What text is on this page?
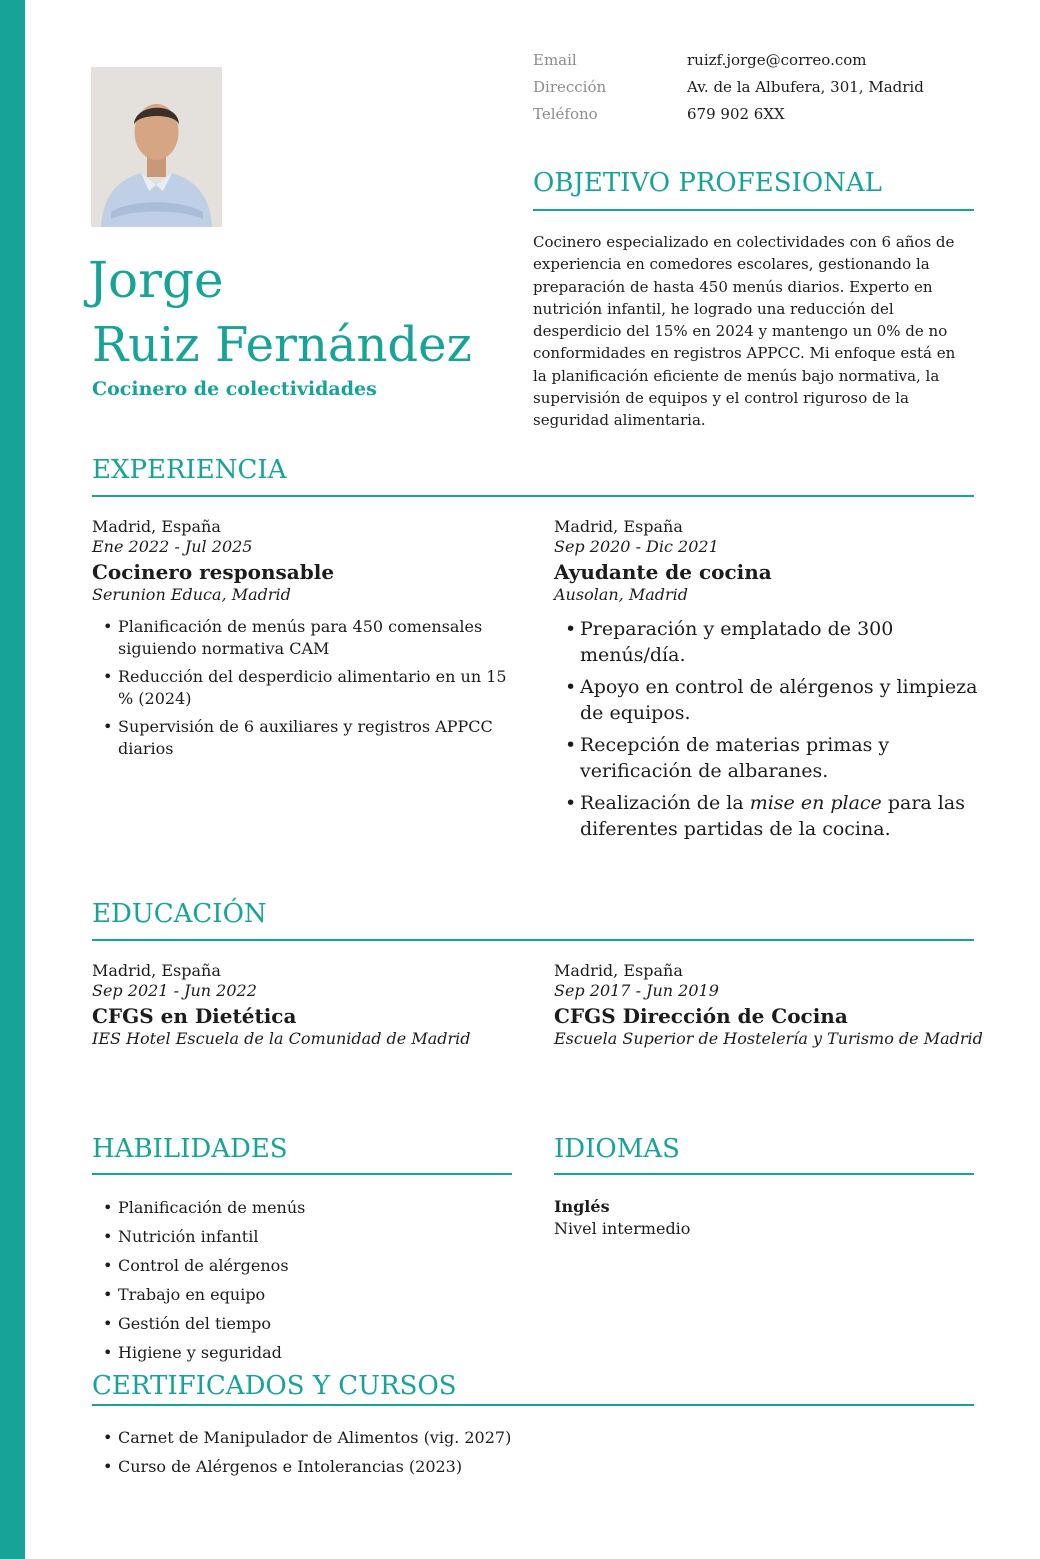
Jorge
Ruiz Fernández
Cocinero de colectividades
Email	ruizf.jorge@correo.com
Dirección	Av. de la Albufera, 301, Madrid
Teléfono	679 902 6XX
OBJETIVO PROFESIONAL
Cocinero especializado en colectividades con 6 años de experiencia en comedores escolares, gestionando la preparación de hasta 450 menús diarios. Experto en nutrición infantil, he logrado una reducción del desperdicio del 15% en 2024 y mantengo un 0% de no conformidades en registros APPCC. Mi enfoque está en la planificación eficiente de menús bajo normativa, la supervisión de equipos y el control riguroso de la seguridad alimentaria.
EXPERIENCIA
Madrid, España
Ene 2022 - Jul 2025
Cocinero responsable
Serunion Educa, Madrid
• Planificación de menús para 450 comensales siguiendo normativa CAM
• Reducción del desperdicio alimentario en un 15 % (2024)
• Supervisión de 6 auxiliares y registros APPCC diarios
Madrid, España
Sep 2020 - Dic 2021
Ayudante de cocina
Ausolan, Madrid
• Preparación y emplatado de 300 menús/día.
• Apoyo en control de alérgenos y limpieza de equipos.
• Recepción de materias primas y verificación de albaranes.
• Realización de la mise en place para las diferentes partidas de la cocina.
EDUCACIÓN
Madrid, España
Sep 2021 - Jun 2022
CFGS en Dietética
IES Hotel Escuela de la Comunidad de Madrid
Madrid, España
Sep 2017 - Jun 2019
CFGS Dirección de Cocina
Escuela Superior de Hostelería y Turismo de Madrid
HABILIDADES
• Planificación de menús
• Nutrición infantil
• Control de alérgenos
• Trabajo en equipo
• Gestión del tiempo
• Higiene y seguridad
IDIOMAS
Inglés
Nivel intermedio
CERTIFICADOS Y CURSOS
• Carnet de Manipulador de Alimentos (vig. 2027)
• Curso de Alérgenos e Intolerancias (2023)
